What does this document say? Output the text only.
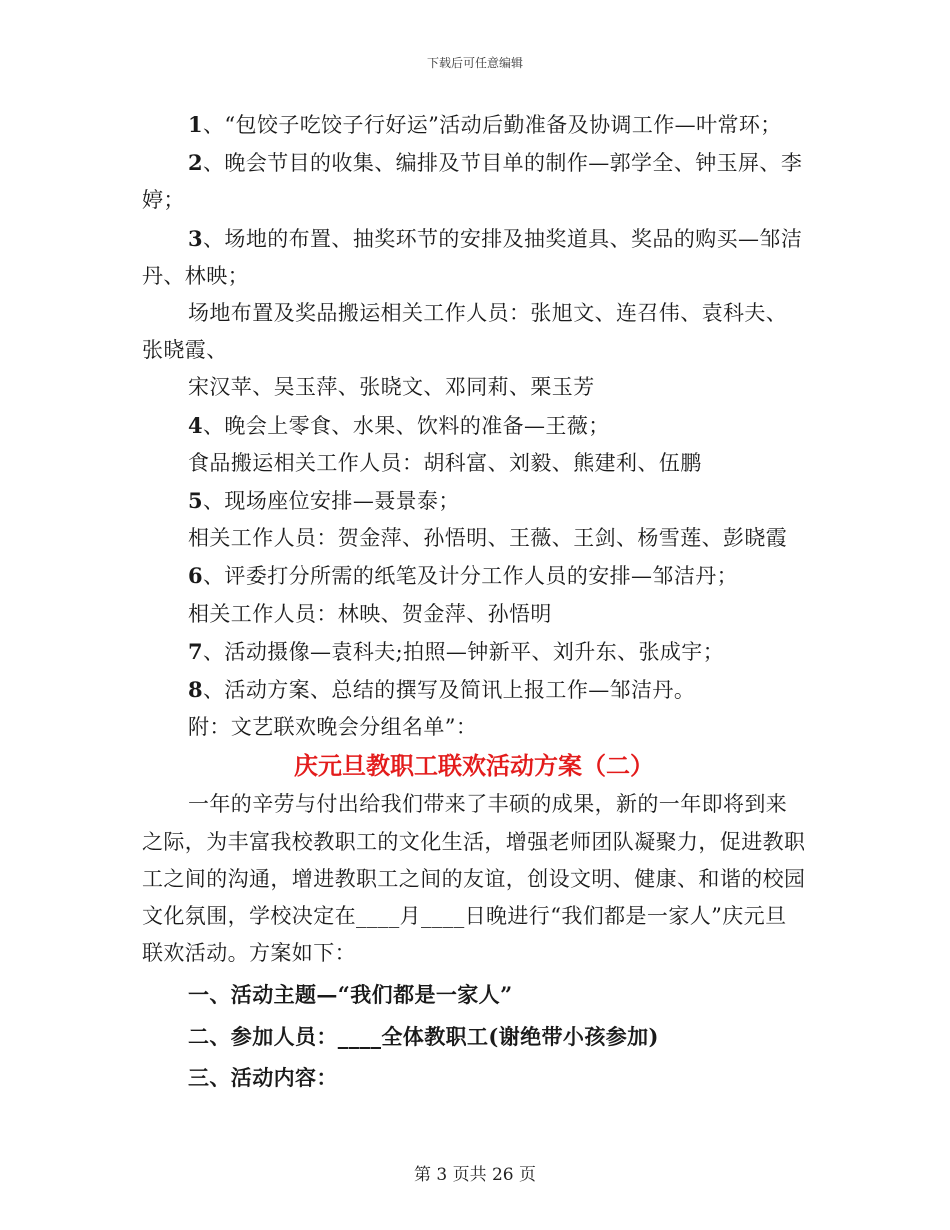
下载后可任意编辑

1、“包饺子吃饺子行好运”活动后勤准备及协调工作—叶常环；

2、晚会节目的收集、编排及节目单的制作—郭学全、钟玉屏、李婷；

3、场地的布置、抽奖环节的安排及抽奖道具、奖品的购买—邹洁丹、林映；

场地布置及奖品搬运相关工作人员：张旭文、连召伟、袁科夫、张晓霞、

宋汉苹、吴玉萍、张晓文、邓同莉、栗玉芳

4、晚会上零食、水果、饮料的准备—王薇；

食品搬运相关工作人员：胡科富、刘毅、熊建利、伍鹏

5、现场座位安排—聂景泰；

相关工作人员：贺金萍、孙悟明、王薇、王剑、杨雪莲、彭晓霞

6、评委打分所需的纸笔及计分工作人员的安排—邹洁丹；

相关工作人员：林映、贺金萍、孙悟明

7、活动摄像—袁科夫;拍照—钟新平、刘升东、张成宇；

8、活动方案、总结的撰写及简讯上报工作—邹洁丹。

附：文艺联欢晚会分组名单”：

庆元旦教职工联欢活动方案（二）

一年的辛劳与付出给我们带来了丰硕的成果，新的一年即将到来之际，为丰富我校教职工的文化生活，增强老师团队凝聚力，促进教职工之间的沟通，增进教职工之间的友谊，创设文明、健康、和谐的校园文化氛围，学校决定在____月____日晚进行“我们都是一家人”庆元旦联欢活动。方案如下：

一、活动主题—“我们都是一家人”

二、参加人员：____全体教职工(谢绝带小孩参加)

三、活动内容：

第 3 页共 26 页
